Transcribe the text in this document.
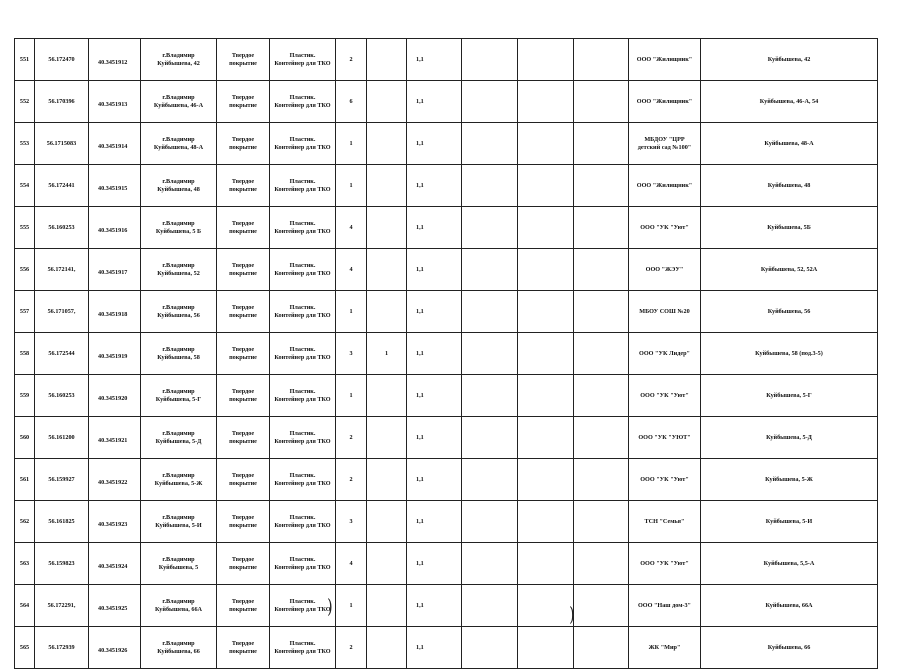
551	56.172470	40.3451912	г.Владимир
Куйбышева, 42	Твердое
покрытие	Пластик.
Контейнер для ТКО	2		1,1				ООО "Жилищник"	Куйбышева, 42
552	56.170396	40.3451913	г.Владимир
Куйбышева, 46-А	Твердое
покрытие	Пластик.
Контейнер для ТКО	6		1,1				ООО "Жилищник"	Куйбышева, 46-А, 54
553	56.1715083	40.3451914	г.Владимир
Куйбышева, 48-А	Твердое
покрытие	Пластик.
Контейнер для ТКО	1		1,1				МБДОУ "ЦРР
детский сад №100"	Куйбышева, 48-А
554	56.172441	40.3451915	г.Владимир
Куйбышева, 48	Твердое
покрытие	Пластик.
Контейнер для ТКО	1		1,1				ООО "Жилищник"	Куйбышева, 48
555	56.160253	40.3451916	г.Владимир
Куйбышева, 5 Б	Твердое
покрытие	Пластик.
Контейнер для ТКО	4		1,1				ООО "УК "Уют"	Куйбышева, 5Б
556	56.172141,	40.3451917	г.Владимир
Куйбышева, 52	Твердое
покрытие	Пластик.
Контейнер для ТКО	4		1,1				ООО "ЖЭУ"	Куйбышева, 52, 52А
557	56.171057,	40.3451918	г.Владимир
Куйбышева, 56	Твердое
покрытие	Пластик.
Контейнер для ТКО	1		1,1				МБОУ СОШ №20	Куйбышева, 56
558	56.172544	40.3451919	г.Владимир
Куйбышева, 58	Твердое
покрытие	Пластик.
Контейнер для ТКО	3	1	1,1				ООО "УК Лидер"	Куйбышева, 58 (под.3-5)
559	56.160253	40.3451920	г.Владимир
Куйбышева, 5-Г	Твердое
покрытие	Пластик.
Контейнер для ТКО	1		1,1				ООО "УК "Уют"	Куйбышева, 5-Г
560	56.161200	40.3451921	г.Владимир
Куйбышева, 5-Д	Твердое
покрытие	Пластик.
Контейнер для ТКО	2		1,1				ООО "УК "УЮТ"	Куйбышева, 5-Д
561	56.159927	40.3451922	г.Владимир
Куйбышева, 5-Ж	Твердое
покрытие	Пластик.
Контейнер для ТКО	2		1,1				ООО "УК "Уют"	Куйбышева, 5-Ж
562	56.161825	40.3451923	г.Владимир
Куйбышева, 5-И	Твердое
покрытие	Пластик.
Контейнер для ТКО	3		1,1				ТСН "Семья"	Куйбышева, 5-И
563	56.159823	40.3451924	г.Владимир
Куйбышева, 5	Твердое
покрытие	Пластик.
Контейнер для ТКО	4		1,1				ООО "УК "Уют"	Куйбышева, 5,5-А
564	56.172291,	40.3451925	г.Владимир
Куйбышева, 66А	Твердое
покрытие	Пластик.
Контейнер для ТКО	1		1,1				ООО "Наш дом-3"	Куйбышева, 66А
565	56.172939	40.3451926	г.Владимир
Куйбышева, 66	Твердое
покрытие	Пластик.
Контейнер для ТКО	2		1,1				ЖК "Мир"	Куйбышева, 66
)	)
